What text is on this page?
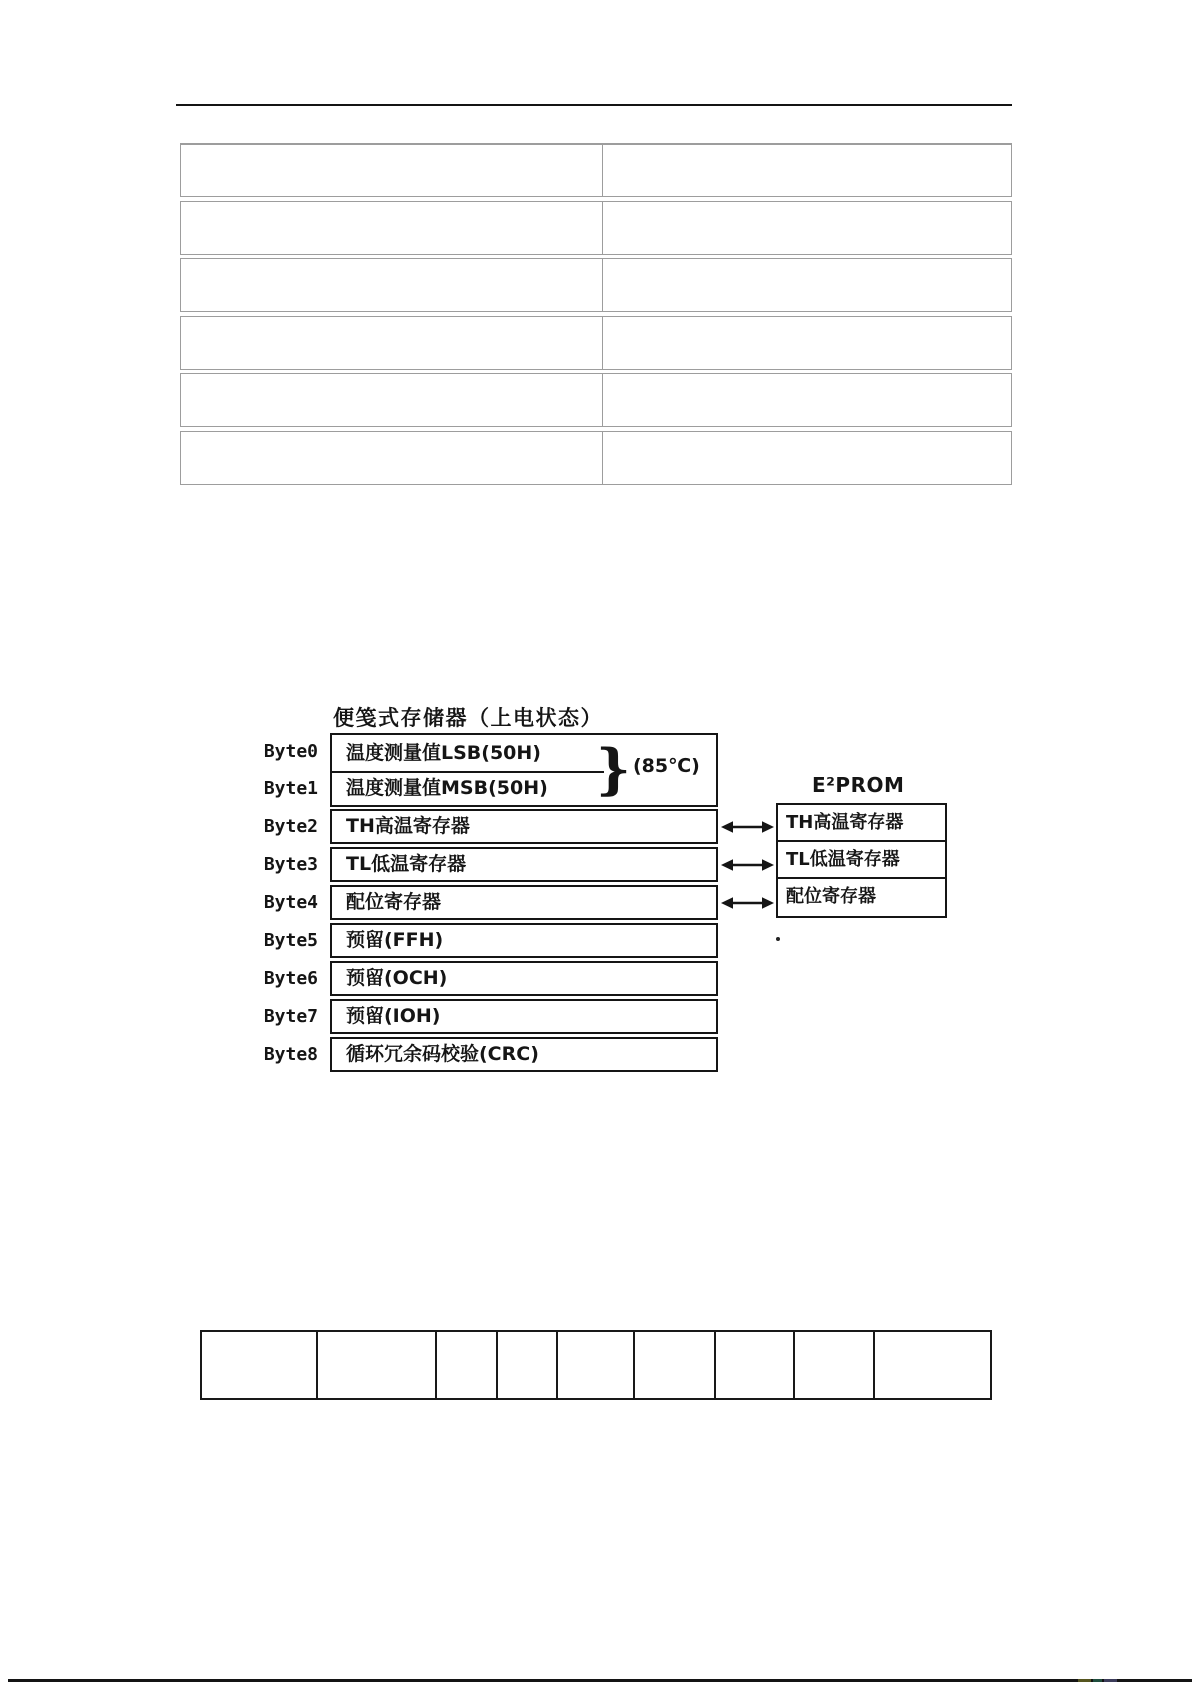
便笺式存储器（上电状态）
Byte0
Byte1
Byte2
Byte3
Byte4
Byte5
Byte6
Byte7
Byte8
温度测量值LSB(50H)
温度测量值MSB(50H) } (85℃)
TH高温寄存器
TL低温寄存器
配位寄存器
预留(FFH)
预留(OCH)
预留(IOH)
循环冗余码校验(CRC)
E²PROM
TH高温寄存器
TL低温寄存器
配位寄存器
